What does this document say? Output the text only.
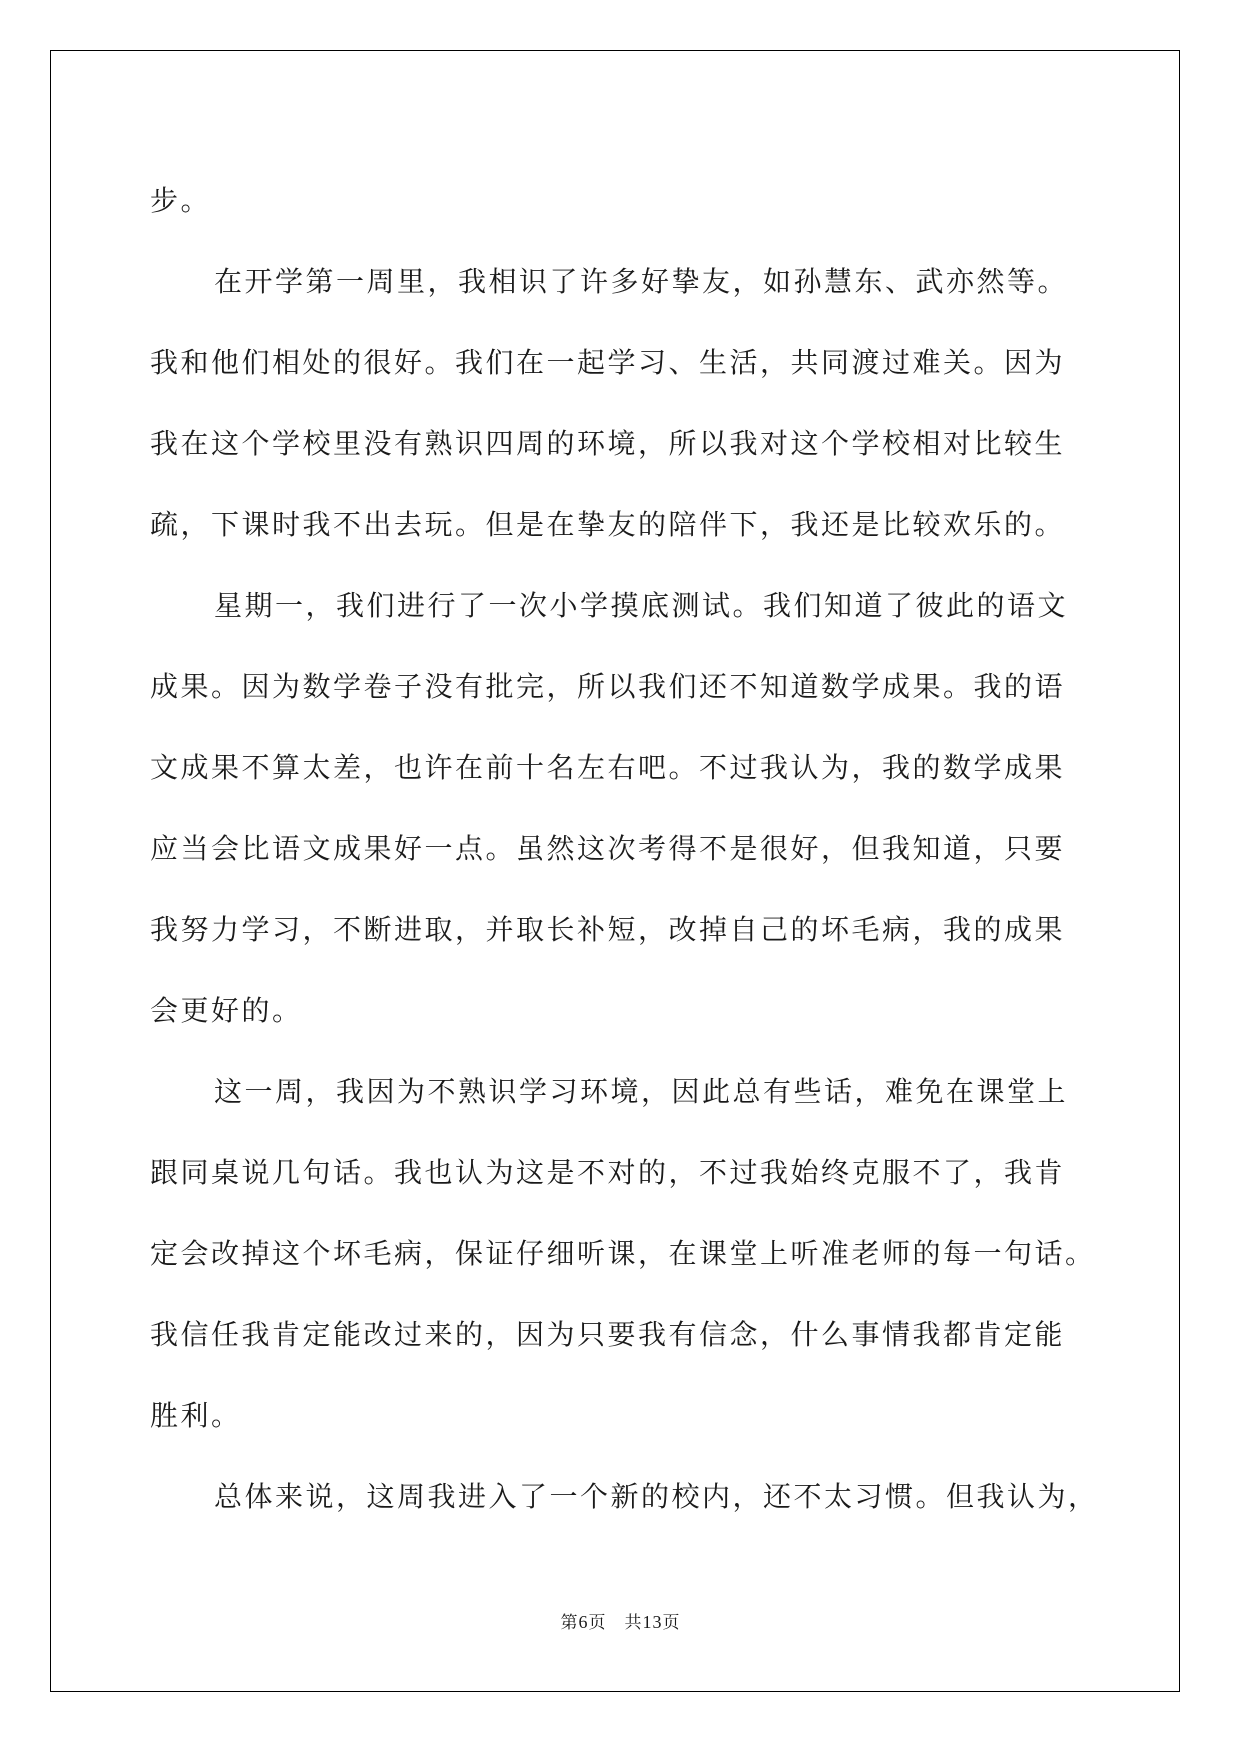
步。
在开学第一周里，我相识了许多好挚友，如孙慧东、武亦然等。
我和他们相处的很好。我们在一起学习、生活，共同渡过难关。因为
我在这个学校里没有熟识四周的环境，所以我对这个学校相对比较生
疏，下课时我不出去玩。但是在挚友的陪伴下，我还是比较欢乐的。
星期一，我们进行了一次小学摸底测试。我们知道了彼此的语文
成果。因为数学卷子没有批完，所以我们还不知道数学成果。我的语
文成果不算太差，也许在前十名左右吧。不过我认为，我的数学成果
应当会比语文成果好一点。虽然这次考得不是很好，但我知道，只要
我努力学习，不断进取，并取长补短，改掉自己的坏毛病，我的成果
会更好的。
这一周，我因为不熟识学习环境，因此总有些话，难免在课堂上
跟同桌说几句话。我也认为这是不对的，不过我始终克服不了，我肯
定会改掉这个坏毛病，保证仔细听课，在课堂上听准老师的每一句话。
我信任我肯定能改过来的，因为只要我有信念，什么事情我都肯定能
胜利。
总体来说，这周我进入了一个新的校内，还不太习惯。但我认为，
第6页 共13页
